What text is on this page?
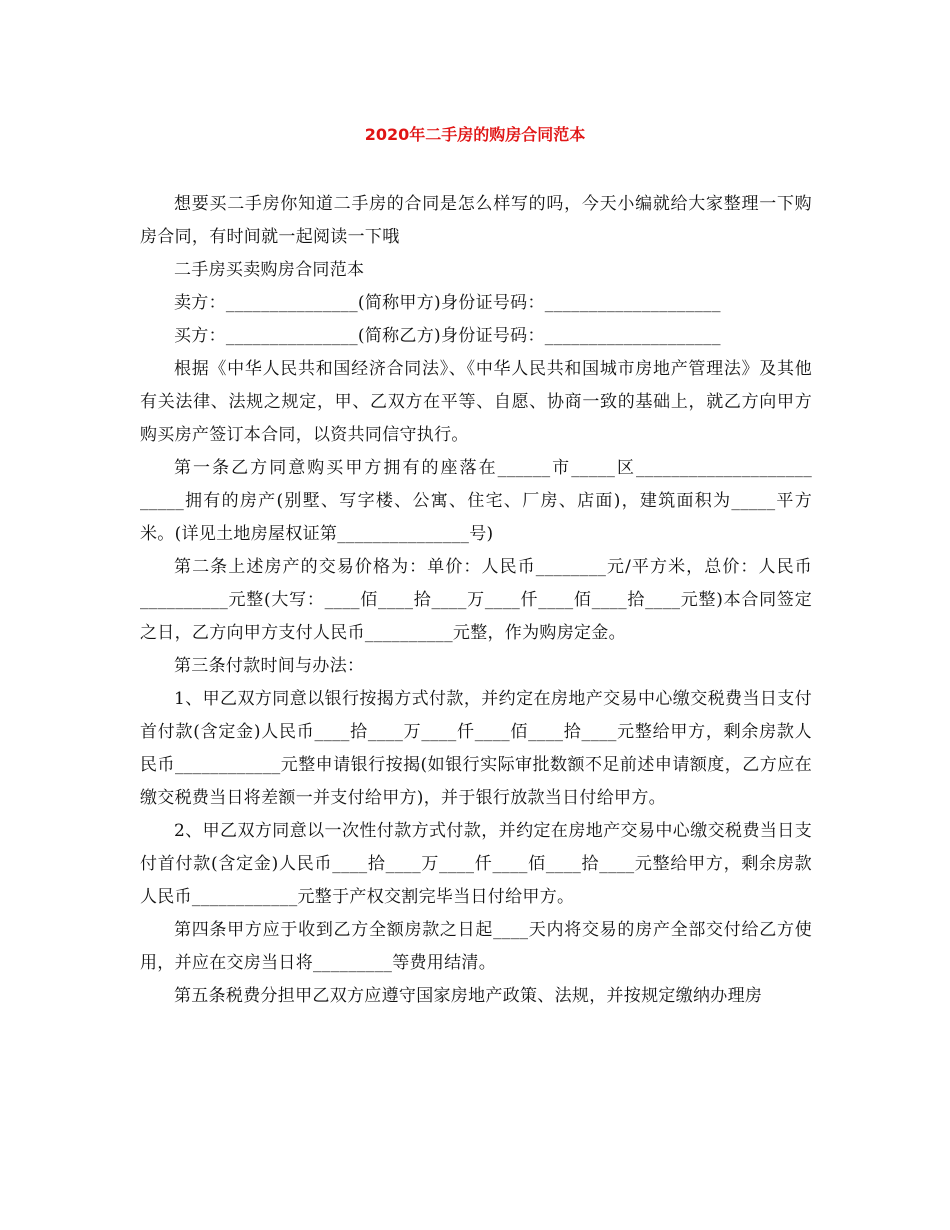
2020年二手房的购房合同范本

想要买二手房你知道二手房的合同是怎么样写的吗，今天小编就给大家整理一下购房合同，有时间就一起阅读一下哦

二手房买卖购房合同范本

卖方：_______________(简称甲方)身份证号码：____________________

买方：_______________(简称乙方)身份证号码：____________________

根据《中华人民共和国经济合同法》、《中华人民共和国城市房地产管理法》及其他有关法律、法规之规定，甲、乙双方在平等、自愿、协商一致的基础上，就乙方向甲方购买房产签订本合同，以资共同信守执行。

第一条乙方同意购买甲方拥有的座落在______市_____区____________________ _____拥有的房产(别墅、写字楼、公寓、住宅、厂房、店面)，建筑面积为_____平方米。(详见土地房屋权证第_______________号)

第二条上述房产的交易价格为：单价：人民币________元/平方米，总价：人民币__________元整(大写：____佰____拾____万____仟____佰____拾____元整)本合同签定之日，乙方向甲方支付人民币__________元整，作为购房定金。

第三条付款时间与办法：

1、甲乙双方同意以银行按揭方式付款，并约定在房地产交易中心缴交税费当日支付首付款(含定金)人民币____拾____万____仟____佰____拾____元整给甲方，剩余房款人民币____________元整申请银行按揭(如银行实际审批数额不足前述申请额度，乙方应在缴交税费当日将差额一并支付给甲方)，并于银行放款当日付给甲方。

2、甲乙双方同意以一次性付款方式付款，并约定在房地产交易中心缴交税费当日支付首付款(含定金)人民币____拾____万____仟____佰____拾____元整给甲方，剩余房款人民币____________元整于产权交割完毕当日付给甲方。

第四条甲方应于收到乙方全额房款之日起____天内将交易的房产全部交付给乙方使用，并应在交房当日将_________等费用结清。

第五条税费分担甲乙双方应遵守国家房地产政策、法规，并按规定缴纳办理房
